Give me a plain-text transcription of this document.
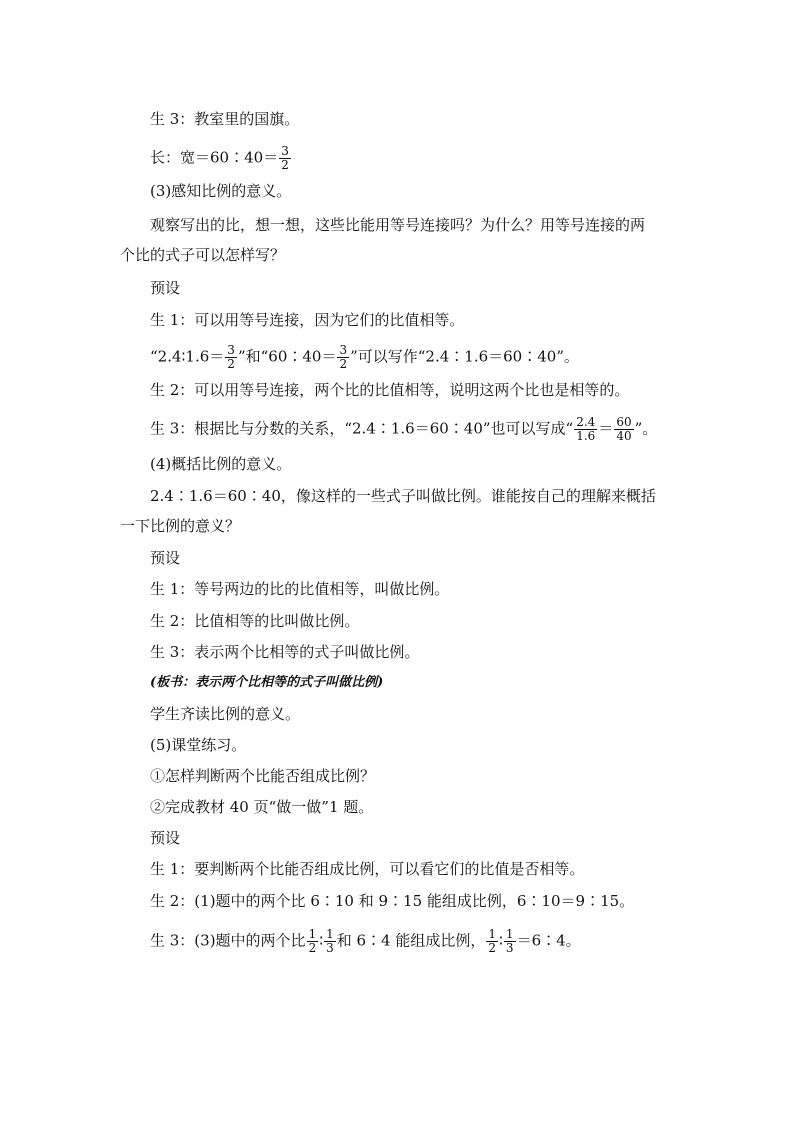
生 3：教室里的国旗。
长：宽＝60∶40＝ $\frac{3}{2}$
(3)感知比例的意义。
观察写出的比，想一想，这些比能用等号连接吗？为什么？用等号连接的两
个比的式子可以怎样写？
预设
生 1：可以用等号连接，因为它们的比值相等。
“2.4∶1.6＝ $\frac{3}{2}$ ”和“60∶40＝ $\frac{3}{2}$ ”可以写作“2.4∶1.6＝60∶40”。
生 2：可以用等号连接，两个比的比值相等，说明这两个比也是相等的。
生 3：根据比与分数的关系，“2.4∶1.6＝60∶40”也可以写成“ $\frac{2.4}{1.6} = \frac{60}{40}$ ”。
(4)概括比例的意义。
2.4∶1.6＝60∶40，像这样的一些式子叫做比例。谁能按自己的理解来概括
一下比例的意义？
预设
生 1：等号两边的比的比值相等，叫做比例。
生 2：比值相等的比叫做比例。
生 3：表示两个比相等的式子叫做比例。
(板书：表示两个比相等的式子叫做比例)
学生齐读比例的意义。
(5)课堂练习。
①怎样判断两个比能否组成比例？
②完成教材 40 页“做一做”1 题。
预设
生 1：要判断两个比能否组成比例，可以看它们的比值是否相等。
生 2：(1)题中的两个比 6∶10 和 9∶15 能组成比例，6∶10＝9∶15。
生 3：(3)题中的两个比 $\frac{1}{2}$ ∶ $\frac{1}{3}$ 和 6∶4 能组成比例， $\frac{1}{2}$ ∶ $\frac{1}{3}$ ＝6∶4。
